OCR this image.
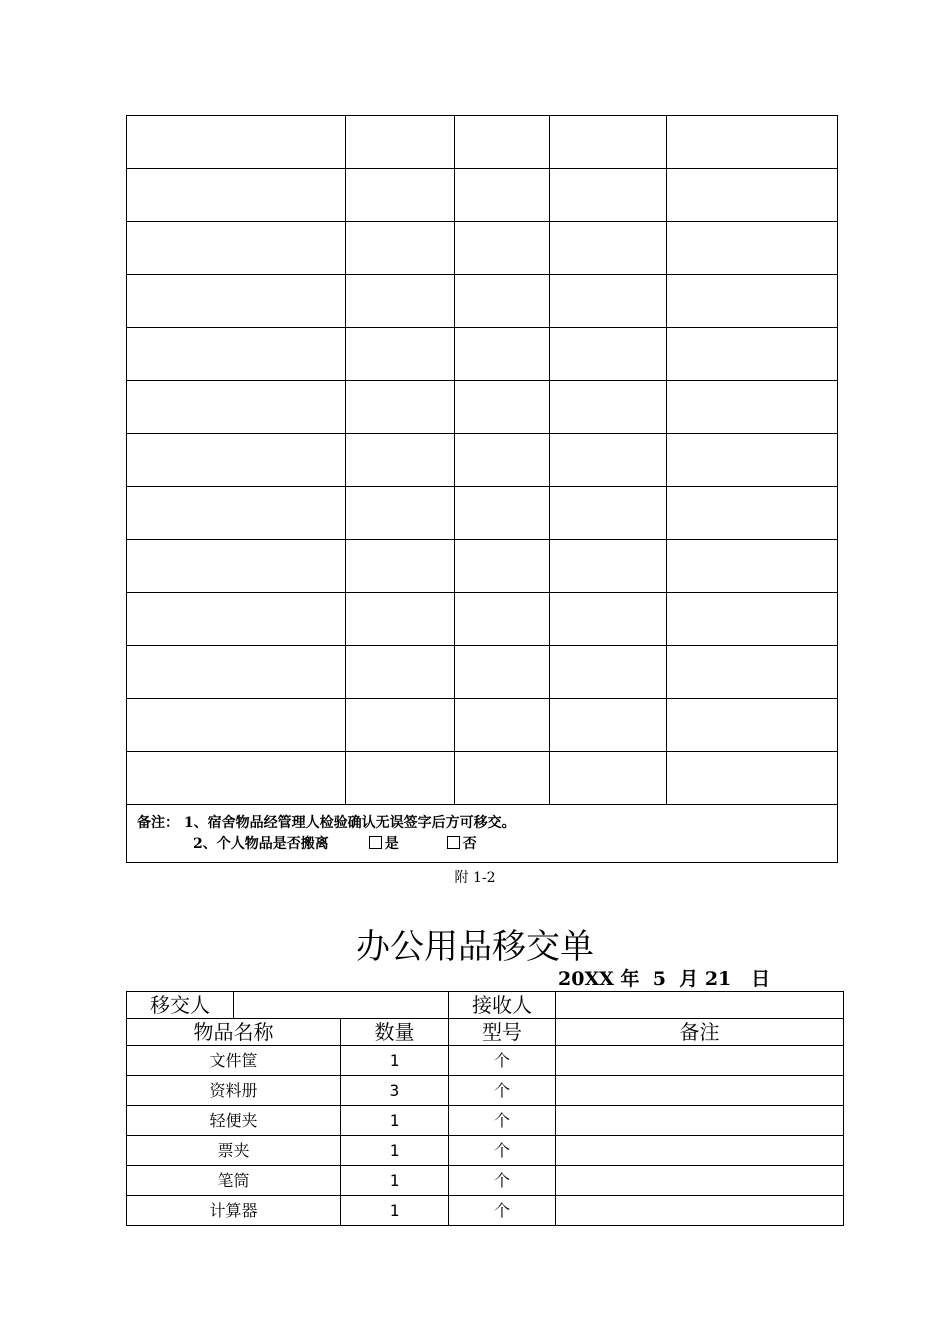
备注： 1、宿舍物品经管理人检验确认无误签字后方可移交。
2、个人物品是否搬离 是 否				
附 1-2
办公用品移交单
20XX 年  5  月 21   日
移交人			接收人	
物品名称		数量	型号	备注
文件筐		1	个	
资料册		3	个	
轻便夹		1	个	
票夹		1	个	
笔筒		1	个	
计算器		1	个	
